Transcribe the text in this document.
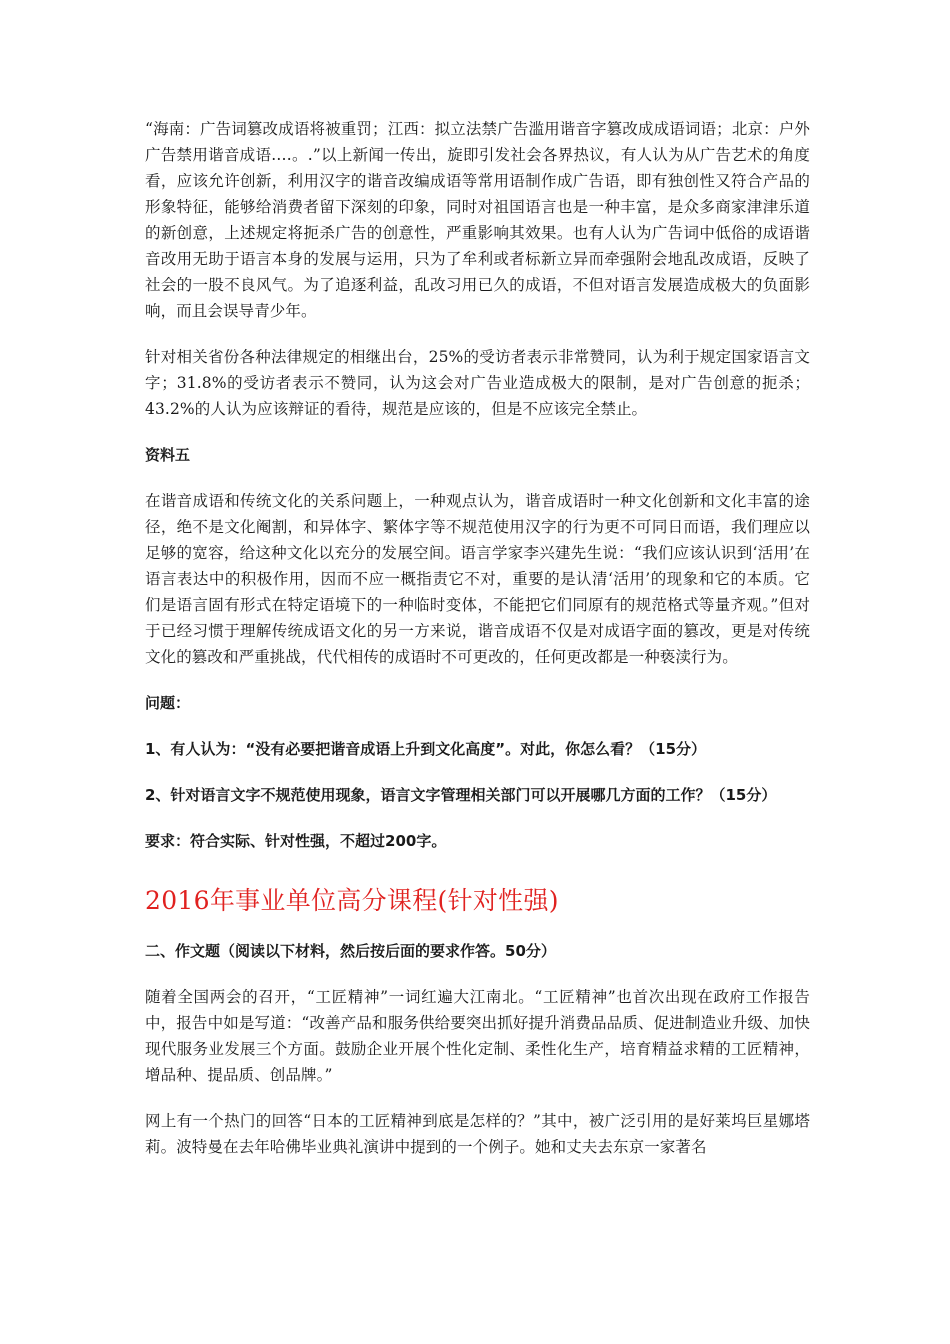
“海南：广告词篡改成语将被重罚；江西：拟立法禁广告滥用谐音字篡改成成语词语；北京：户外广告禁用谐音成语.…。.”以上新闻一传出，旋即引发社会各界热议，有人认为从广告艺术的角度看，应该允许创新，利用汉字的谐音改编成语等常用语制作成广告语，即有独创性又符合产品的形象特征，能够给消费者留下深刻的印象，同时对祖国语言也是一种丰富，是众多商家津津乐道的新创意，上述规定将扼杀广告的创意性，严重影响其效果。也有人认为广告词中低俗的成语谐音改用无助于语言本身的发展与运用，只为了牟利或者标新立异而牵强附会地乱改成语，反映了社会的一股不良风气。为了追逐利益，乱改习用已久的成语，不但对语言发展造成极大的负面影响，而且会误导青少年。

针对相关省份各种法律规定的相继出台，25%的受访者表示非常赞同，认为利于规定国家语言文字；31.8%的受访者表示不赞同，认为这会对广告业造成极大的限制，是对广告创意的扼杀；43.2%的人认为应该辩证的看待，规范是应该的，但是不应该完全禁止。

资料五

在谐音成语和传统文化的关系问题上，一种观点认为，谐音成语时一种文化创新和文化丰富的途径，绝不是文化阉割，和异体字、繁体字等不规范使用汉字的行为更不可同日而语，我们理应以足够的宽容，给这种文化以充分的发展空间。语言学家李兴建先生说：“我们应该认识到‘活用’在语言表达中的积极作用，因而不应一概指责它不对，重要的是认清‘活用’的现象和它的本质。它们是语言固有形式在特定语境下的一种临时变体，不能把它们同原有的规范格式等量齐观。”但对于已经习惯于理解传统成语文化的另一方来说，谐音成语不仅是对成语字面的篡改，更是对传统文化的篡改和严重挑战，代代相传的成语时不可更改的，任何更改都是一种亵渎行为。

问题：

1、有人认为：“没有必要把谐音成语上升到文化高度”。对此，你怎么看？（15分）

2、针对语言文字不规范使用现象，语言文字管理相关部门可以开展哪几方面的工作？（15分）

要求：符合实际、针对性强，不超过200字。

2016年事业单位高分课程(针对性强)

二、作文题（阅读以下材料，然后按后面的要求作答。50分）

随着全国两会的召开，“工匠精神”一词红遍大江南北。“工匠精神”也首次出现在政府工作报告中，报告中如是写道：“改善产品和服务供给要突出抓好提升消费品品质、促进制造业升级、加快现代服务业发展三个方面。鼓励企业开展个性化定制、柔性化生产，培育精益求精的工匠精神，增品种、提品质、创品牌。”

网上有一个热门的回答“日本的工匠精神到底是怎样的？”其中，被广泛引用的是好莱坞巨星娜塔莉。波特曼在去年哈佛毕业典礼演讲中提到的一个例子。她和丈夫去东京一家著名
